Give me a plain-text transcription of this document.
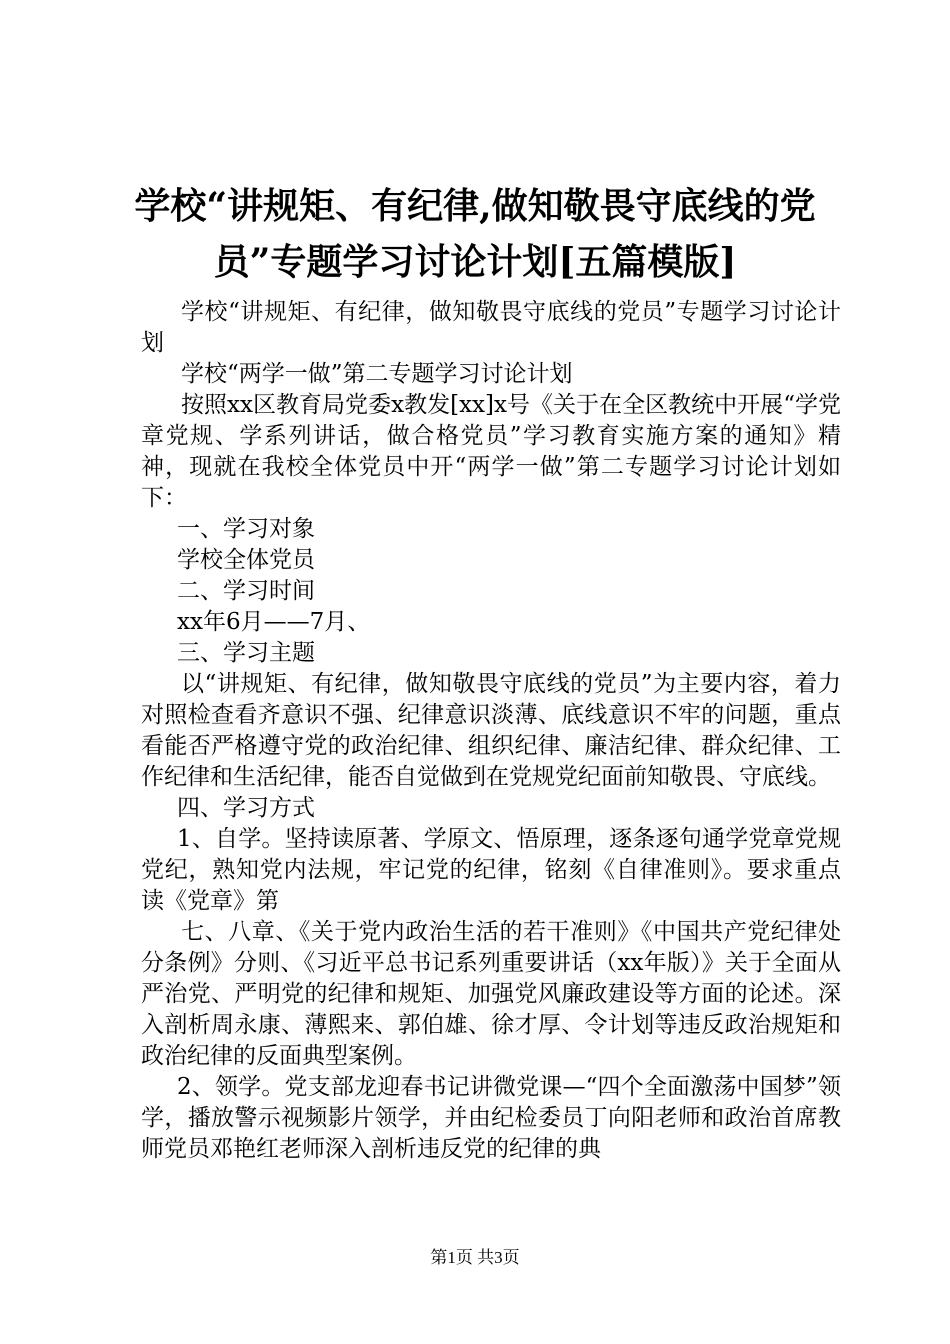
学校“讲规矩、有纪律,做知敬畏守底线的党
员”专题学习讨论计划[五篇模版]

学校“讲规矩、有纪律，做知敬畏守底线的党员”专题学习讨论计划

学校“两学一做”第二专题学习讨论计划

按照xx区教育局党委x教发[xx]x号《关于在全区教统中开展“学党章党规、学系列讲话，做合格党员”学习教育实施方案的通知》精神，现就在我校全体党员中开“两学一做”第二专题学习讨论计划如下：

一、学习对象

学校全体党员

二、学习时间

xx年6月——7月、

三、学习主题

以“讲规矩、有纪律，做知敬畏守底线的党员”为主要内容，着力对照检查看齐意识不强、纪律意识淡薄、底线意识不牢的问题，重点看能否严格遵守党的政治纪律、组织纪律、廉洁纪律、群众纪律、工作纪律和生活纪律，能否自觉做到在党规党纪面前知敬畏、守底线。

四、学习方式

1、自学。坚持读原著、学原文、悟原理，逐条逐句通学党章党规党纪，熟知党内法规，牢记党的纪律，铭刻《自律准则》。要求重点读《党章》第

七、八章、《关于党内政治生活的若干准则》《中国共产党纪律处分条例》分则、《习近平总书记系列重要讲话（xx年版）》关于全面从严治党、严明党的纪律和规矩、加强党风廉政建设等方面的论述。深入剖析周永康、薄熙来、郭伯雄、徐才厚、令计划等违反政治规矩和政治纪律的反面典型案例。

2、领学。党支部龙迎春书记讲微党课—“四个全面激荡中国梦”领学，播放警示视频影片领学，并由纪检委员丁向阳老师和政治首席教师党员邓艳红老师深入剖析违反党的纪律的典

第1页 共3页
